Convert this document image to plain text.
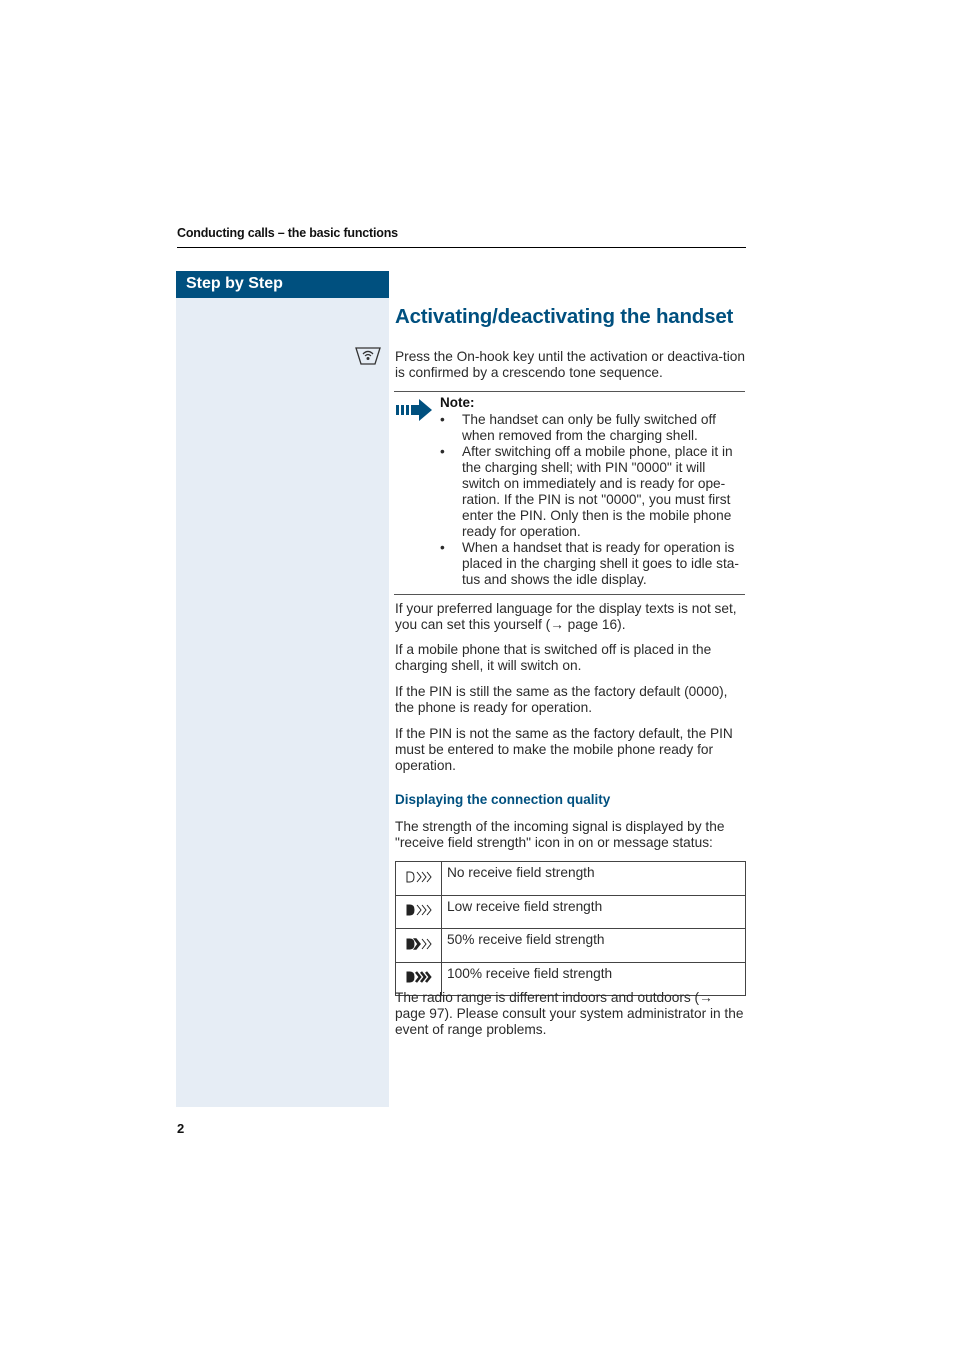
Conducting calls – the basic functions
Step by Step
Activating/deactivating the handset

Press the On-hook key until the activation or deactiva-tion is confirmed by a crescendo tone sequence.

Note:
• The handset can only be fully switched off when removed from the charging shell.
• After switching off a mobile phone, place it in the charging shell; with PIN "0000" it will switch on immediately and is ready for ope-ration. If the PIN is not "0000", you must first enter the PIN. Only then is the mobile phone ready for operation.
• When a handset that is ready for operation is placed in the charging shell it goes to idle sta-tus and shows the idle display.

If your preferred language for the display texts is not set, you can set this yourself (→ page 16).

If a mobile phone that is switched off is placed in the charging shell, it will switch on.

If the PIN is still the same as the factory default (0000), the phone is ready for operation.

If the PIN is not the same as the factory default, the PIN must be entered to make the mobile phone ready for operation.

Displaying the connection quality

The strength of the incoming signal is displayed by the "receive field strength" icon in on or message status:

	No receive field strength
	Low receive field strength
	50% receive field strength
	100% receive field strength

The radio range is different indoors and outdoors (→ page 97). Please consult your system administrator in the event of range problems.

2
